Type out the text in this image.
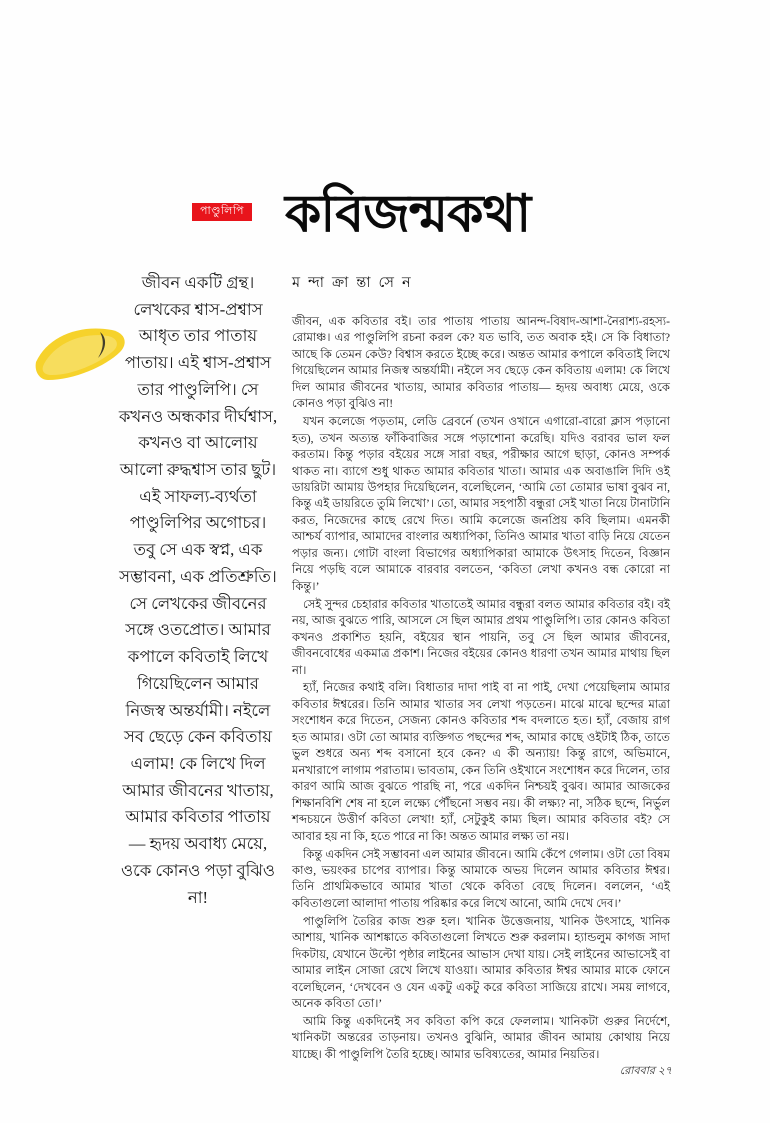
পাণ্ডুলিপি কবিজন্মকথা
জীবন একটি গ্রন্থ। লেখকের শ্বাস-প্রশ্বাস আধৃত তার পাতায় পাতায়। এই শ্বাস-প্রশ্বাস তার পাণ্ডুলিপি। সে কখনও অন্ধকার দীর্ঘশ্বাস, কখনও বা আলোয় আলো রুদ্ধশ্বাস তার ছুট। এই সাফল্য-ব্যর্থতা পাণ্ডুলিপির অগোচর। তবু সে এক স্বপ্ন, এক সম্ভাবনা, এক প্রতিশ্রুতি। সে লেখকের জীবনের সঙ্গে ওতপ্রোত। আমার কপালে কবিতাই লিখে গিয়েছিলেন আমার নিজস্ব অন্তর্যামী। নইলে সব ছেড়ে কেন কবিতায় এলাম! কে লিখে দিল আমার জীবনের খাতায়, আমার কবিতার পাতায়— হৃদয় অবাধ্য মেয়ে, ওকে কোনও পড়া বুঝিও না!
ম ন্দা ক্রা ন্তা সে ন

জীবন, এক কবিতার বই। তার পাতায় পাতায় আনন্দ-বিষাদ-আশা-নৈরাশ্য-রহস্য-রোমাঞ্চ। এর পাণ্ডুলিপি রচনা করল কে? যত ভাবি, তত অবাক হই। সে কি বিধাতা? আছে কি তেমন কেউ? বিশ্বাস করতে ইচ্ছে করে। অন্তত আমার কপালে কবিতাই লিখে গিয়েছিলেন আমার নিজস্ব অন্তর্যামী। নইলে সব ছেড়ে কেন কবিতায় এলাম! কে লিখে দিল আমার জীবনের খাতায়, আমার কবিতার পাতায়— হৃদয় অবাধ্য মেয়ে, ওকে কোনও পড়া বুঝিও না!

যখন কলেজে পড়তাম, লেডি ব্রেবর্নে (তখন ওখানে এগারো-বারো ক্লাস পড়ানো হত), তখন অত্যন্ত ফাঁকিবাজির সঙ্গে পড়াশোনা করেছি। যদিও বরাবর ভাল ফল করতাম। কিন্তু পড়ার বইয়ের সঙ্গে সারা বছর, পরীক্ষার আগে ছাড়া, কোনও সম্পর্ক থাকত না। ব্যাগে শুধু থাকত আমার কবিতার খাতা। আমার এক অবাঙালি দিদি ওই ডায়রিটা আমায় উপহার দিয়েছিলেন, বলেছিলেন, ‘আমি তো তোমার ভাষা বুঝব না, কিন্তু এই ডায়রিতে তুমি লিখো’। তো, আমার সহপাঠী বন্ধুরা সেই খাতা নিয়ে টানাটানি করত, নিজেদের কাছে রেখে দিত। আমি কলেজে জনপ্রিয় কবি ছিলাম। এমনকী আশ্চর্য ব্যাপার, আমাদের বাংলার অধ্যাপিকা, তিনিও আমার খাতা বাড়ি নিয়ে যেতেন পড়ার জন্য। গোটা বাংলা বিভাগের অধ্যাপিকারা আমাকে উৎসাহ দিতেন, বিজ্ঞান নিয়ে পড়ছি বলে আমাকে বারবার বলতেন, ‘কবিতা লেখা কখনও বন্ধ কোরো না কিন্তু।’

সেই সুন্দর চেহারার কবিতার খাতাতেই আমার বন্ধুরা বলত আমার কবিতার বই। বই নয়, আজ বুঝতে পারি, আসলে সে ছিল আমার প্রথম পাণ্ডুলিপি। তার কোনও কবিতা কখনও প্রকাশিত হয়নি, বইয়ের স্থান পায়নি, তবু সে ছিল আমার জীবনের, জীবনবোধের একমাত্র প্রকাশ। নিজের বইয়ের কোনও ধারণা তখন আমার মাথায় ছিল না।

হ্যাঁ, নিজের কথাই বলি। বিধাতার দাদা পাই বা না পাই, দেখা পেয়েছিলাম আমার কবিতার ঈশ্বরের। তিনি আমার খাতার সব লেখা পড়তেন। মাঝে মাঝে ছন্দের মাত্রা সংশোধন করে দিতেন, সেজন্য কোনও কবিতার শব্দ বদলাতে হত। হ্যাঁ, বেজায় রাগ হত আমার। ওটা তো আমার ব্যক্তিগত পছন্দের শব্দ, আমার কাছে ওইটাই ঠিক, তাতে ভুল শুধরে অন্য শব্দ বসানো হবে কেন? এ কী অন্যায়! কিন্তু রাগে, অভিমানে, মনখারাপে লাগাম পরাতাম। ভাবতাম, কেন তিনি ওইখানে সংশোধন করে দিলেন, তার কারণ আমি আজ বুঝতে পারছি না, পরে একদিন নিশ্চয়ই বুঝব। আমার আজকের শিক্ষানবিশি শেষ না হলে লক্ষ্যে পৌঁছনো সম্ভব নয়। কী লক্ষ্য? না, সঠিক ছন্দে, নির্ভুল শব্দচয়নে উত্তীর্ণ কবিতা লেখা! হ্যাঁ, সেটুকুই কাম্য ছিল। আমার কবিতার বই? সে আবার হয় না কি, হতে পারে না কি! অন্তত আমার লক্ষ্য তা নয়।

কিন্তু একদিন সেই সম্ভাবনা এল আমার জীবনে। আমি কেঁপে গেলাম। ওটা তো বিষম কাণ্ড, ভয়ংকর চাপের ব্যাপার। কিন্তু আমাকে অভয় দিলেন আমার কবিতার ঈশ্বর। তিনি প্রাথমিকভাবে আমার খাতা থেকে কবিতা বেছে দিলেন। বললেন, ‘এই কবিতাগুলো আলাদা পাতায় পরিষ্কার করে লিখে আনো, আমি দেখে দেব।’

পাণ্ডুলিপি তৈরির কাজ শুরু হল। খানিক উত্তেজনায়, খানিক উৎসাহে, খানিক আশায়, খানিক আশঙ্কাতে কবিতাগুলো লিখতে শুরু করলাম। হ্যান্ডলুম কাগজ সাদা দিকটায়, যেখানে উল্টো পৃষ্ঠার লাইনের আভাস দেখা যায়। সেই লাইনের আভাসেই বা আমার লাইন সোজা রেখে লিখে যাওয়া। আমার কবিতার ঈশ্বর আমার মাকে ফোনে বলেছিলেন, ‘দেখবেন ও যেন একটু একটু করে কবিতা সাজিয়ে রাখে। সময় লাগবে, অনেক কবিতা তো।’

আমি কিন্তু একদিনেই সব কবিতা কপি করে ফেললাম। খানিকটা গুরুর নির্দেশে, খানিকটা অন্তরের তাড়নায়। তখনও বুঝিনি, আমার জীবন আমায় কোথায় নিয়ে যাচ্ছে। কী পাণ্ডুলিপি তৈরি হচ্ছে। আমার ভবিষ্যতের, আমার নিয়তির।

রোববার ২৭
